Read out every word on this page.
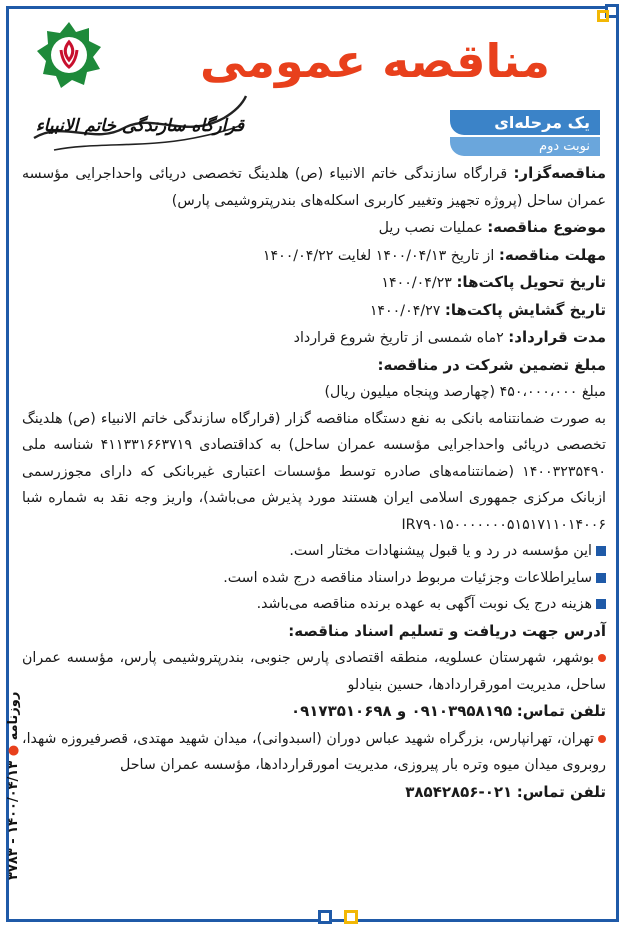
مناقصه عمومی
قرارگاه سازندگی خاتم الانبیاء	یک مرحله‌ای
نوبت دوم

مناقصه‌گزار: قرارگاه سازندگی خاتم الانبیاء (ص) هلدینگ تخصصی دریائی واحداجرایی مؤسسه عمران ساحل (پروژه تجهیز وتغییر کاربری اسکله‌های بندرپتروشیمی پارس)

موضوع مناقصه: عملیات نصب ریل

مهلت مناقصه: از تاریخ ۱۴۰۰/۰۴/۱۳ لغایت ۱۴۰۰/۰۴/۲۲

تاریخ تحویل پاکت‌ها: ۱۴۰۰/۰۴/۲۳

تاریخ گشایش پاکت‌ها: ۱۴۰۰/۰۴/۲۷

مدت قرارداد: ۲ماه شمسی از تاریخ شروع قرارداد

مبلغ تضمین شرکت در مناقصه:

مبلغ ۴۵۰،۰۰۰،۰۰۰ (چهارصد وپنجاه میلیون ریال)

به صورت ضمانتنامه بانکی به نفع دستگاه مناقصه گزار (قرارگاه سازندگی خاتم الانبیاء (ص) هلدینگ تخصصی دریائی واحداجرایی مؤسسه عمران ساحل) به کداقتصادی ۴۱۱۳۳۱۶۶۳۷۱۹ شناسه ملی ۱۴۰۰۳۲۳۵۴۹۰ (ضمانتنامه‌های صادره توسط مؤسسات اعتباری غیربانکی که دارای مجوزرسمی ازبانک مرکزی جمهوری اسلامی ایران هستند مورد پذیرش می‌باشد)، واریز وجه نقد به شماره شبا IR۷۹۰۱۵۰۰۰۰۰۰۰۵۱۵۱۷۱۱۰۱۴۰۰۶

این مؤسسه در رد و یا قبول پیشنهادات مختار است.

سایراطلاعات وجزئیات مربوط دراسناد مناقصه درج شده است.

هزینه درج یک نوبت آگهی به عهده برنده مناقصه می‌باشد.

آدرس جهت دریافت و تسلیم اسناد مناقصه:

بوشهر، شهرستان عسلویه، منطقه اقتصادی پارس جنوبی، بندرپتروشیمی پارس، مؤسسه عمران ساحل، مدیریت امورقراردادها، حسین بنیادلو

تلفن تماس: ۰۹۱۰۳۹۵۸۱۹۵ و ۰۹۱۷۳۵۱۰۶۹۸

تهران، تهرانپارس، بزرگراه شهید عباس دوران (اسبدوانی)، میدان شهید مهتدی، قصرفیروزه شهدا، روبروی میدان میوه وتره بار پیروزی، مدیریت امورقراردادها، مؤسسه عمران ساحل

تلفن تماس: ۰۲۱-۳۸۵۴۲۸۵۶

روزنامه ● ۱۴۰۰/۰۴/۱۳ - ۳۷۸۳
